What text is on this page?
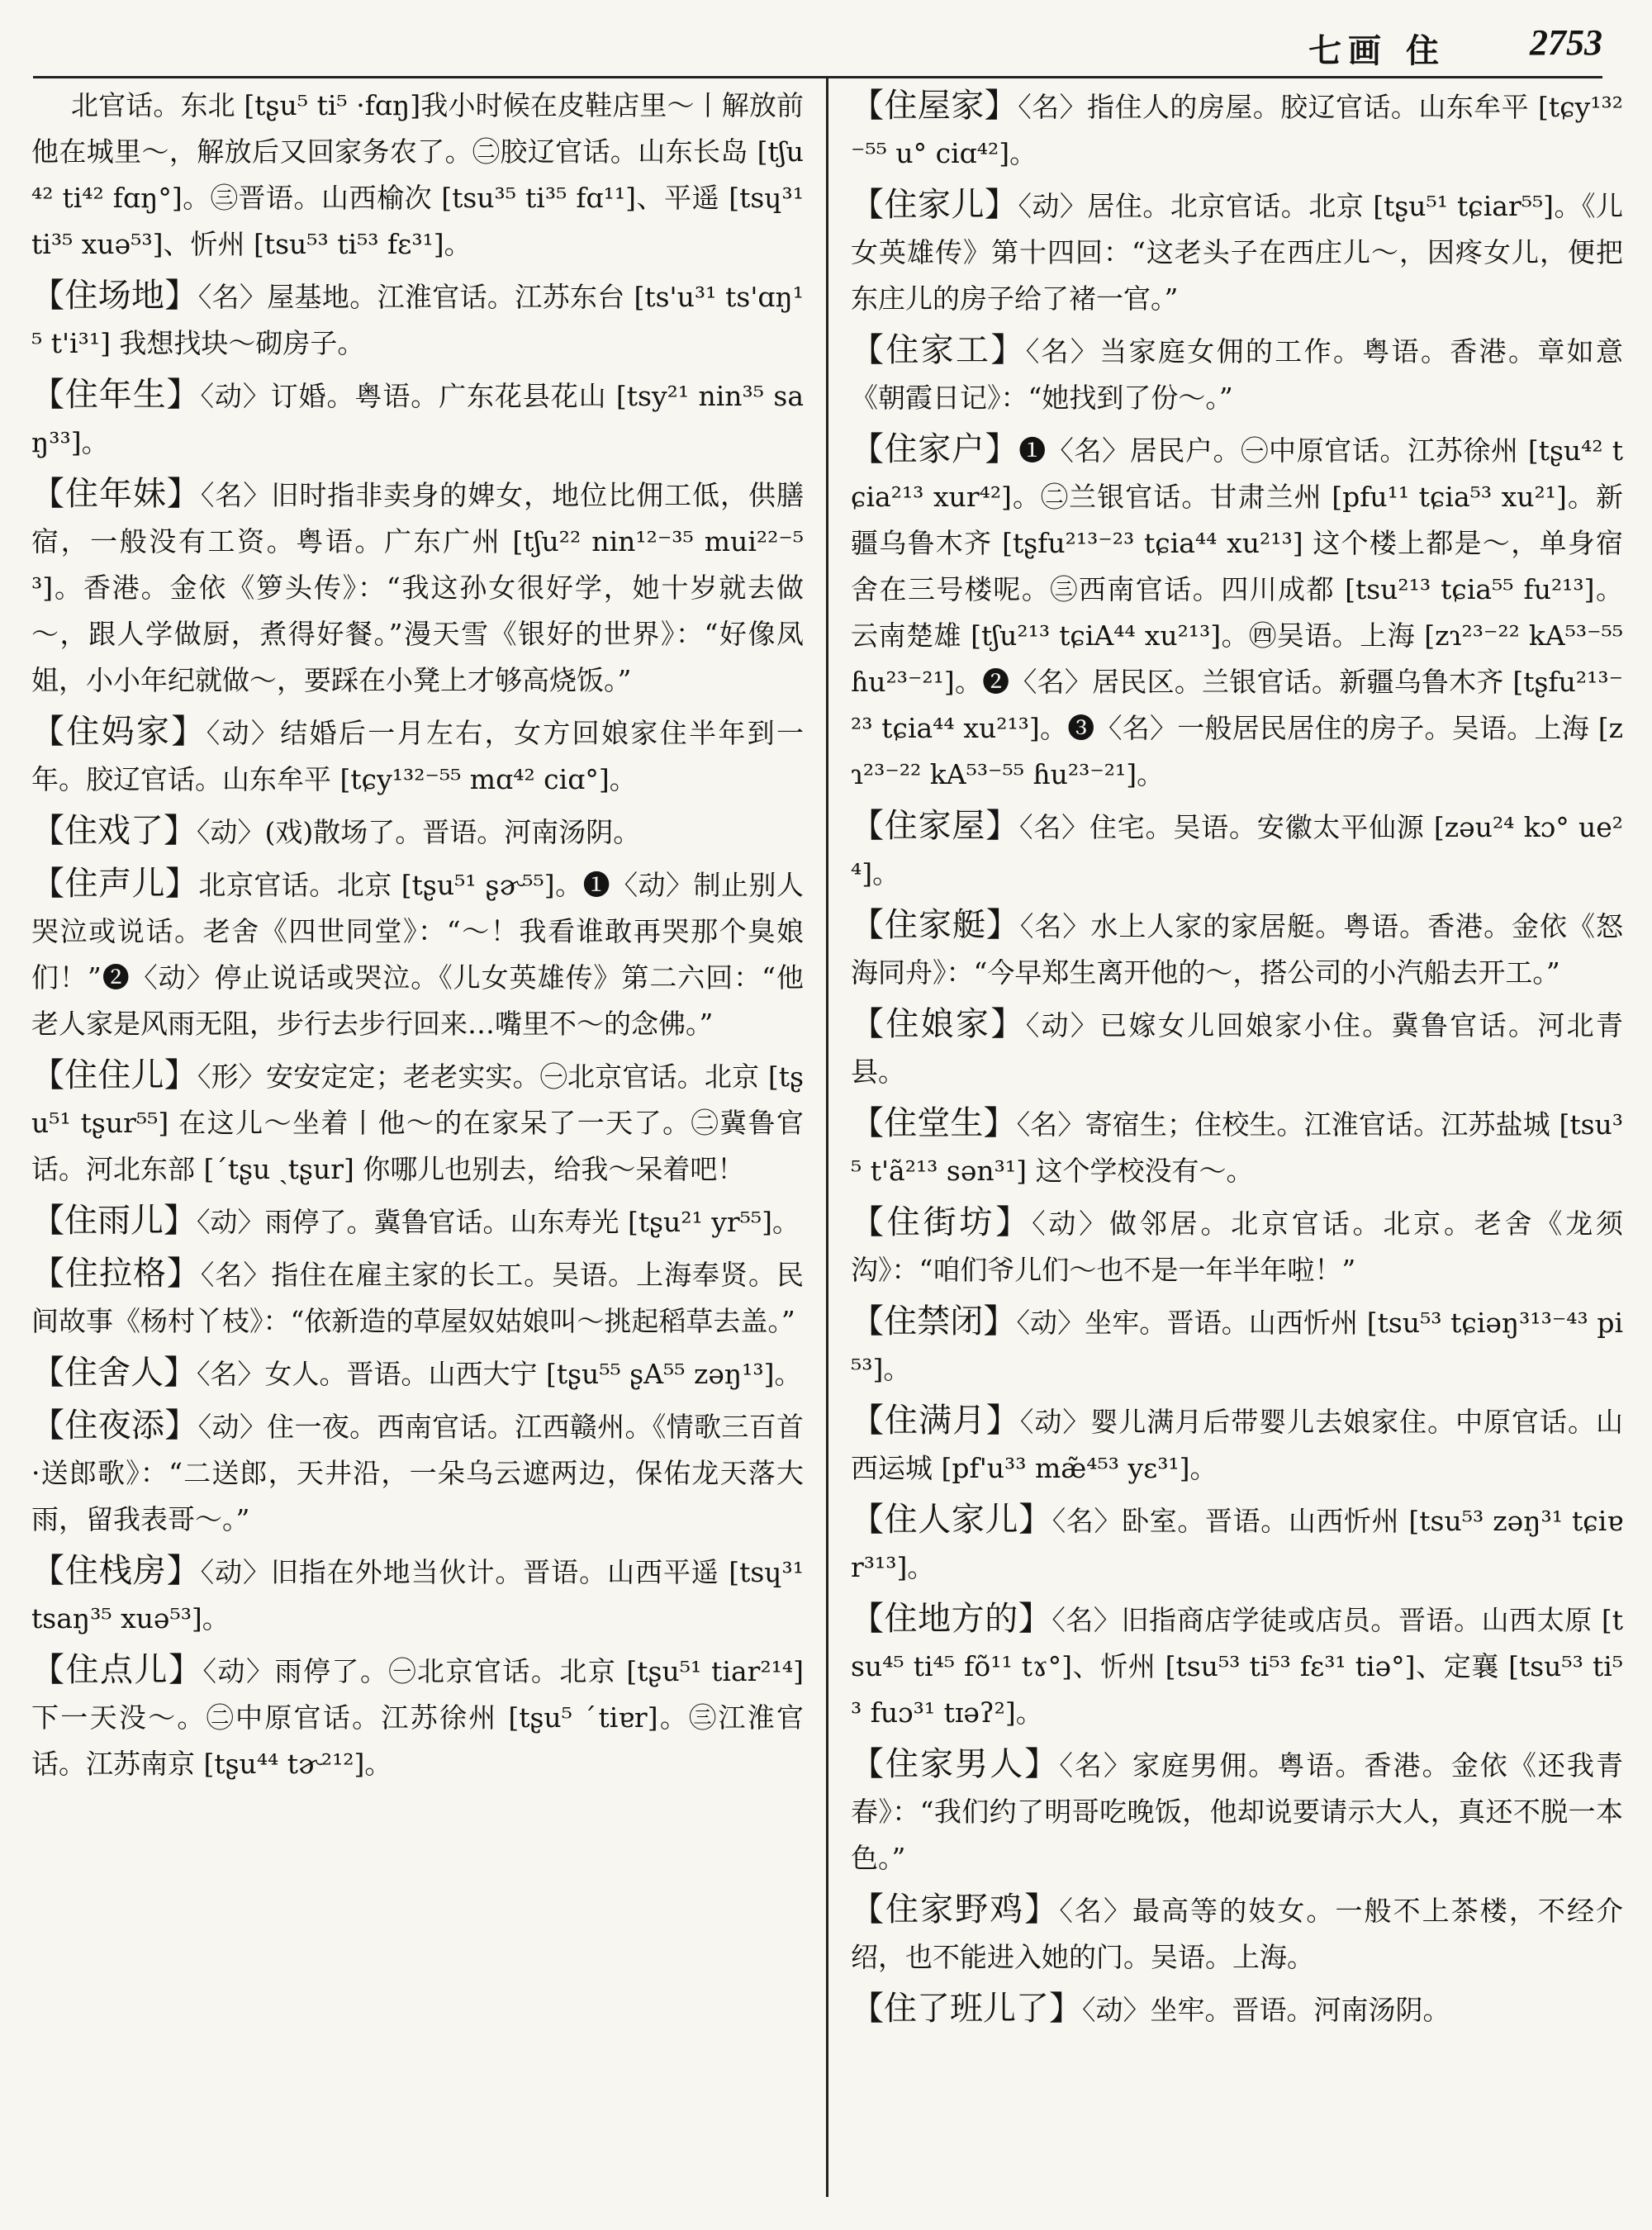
七画 住 2753

北官话。东北 [tʂu⁵ ti⁵ ·fɑŋ]我小时候在皮鞋店里～丨解放前他在城里～，解放后又回家务农了。㊁胶辽官话。山东长岛 [tʃu⁴² ti⁴² fɑŋ°]。㊂晋语。山西榆次 [tsu³⁵ ti³⁵ fɑ¹¹]、平遥 [tsɥ³¹ ti³⁵ xuə⁵³]、忻州 [tsu⁵³ ti⁵³ fɛ³¹]。

【住场地】〈名〉屋基地。江淮官话。江苏东台 [ts'u³¹ ts'ɑŋ¹⁵ t'i³¹] 我想找块～砌房子。

【住年生】〈动〉订婚。粤语。广东花县花山 [tsy²¹ nin³⁵ saŋ³³]。

【住年妹】〈名〉旧时指非卖身的婢女，地位比佣工低，供膳宿，一般没有工资。粤语。广东广州 [tʃu²² nin¹²⁻³⁵ mui²²⁻⁵³]。香港。金依《箩头传》：“我这孙女很好学，她十岁就去做～，跟人学做厨，煮得好餐。”漫天雪《银好的世界》：“好像凤姐，小小年纪就做～，要踩在小凳上才够高烧饭。”

【住妈家】〈动〉结婚后一月左右，女方回娘家住半年到一年。胶辽官话。山东牟平 [tɕy¹³²⁻⁵⁵ mɑ⁴² ciɑ°]。

【住戏了】〈动〉(戏)散场了。晋语。河南汤阴。

【住声儿】北京官话。北京 [tʂu⁵¹ ʂɚ⁵⁵]。❶〈动〉制止别人哭泣或说话。老舍《四世同堂》：“～！我看谁敢再哭那个臭娘们！”❷〈动〉停止说话或哭泣。《儿女英雄传》第二六回：“他老人家是风雨无阻，步行去步行回来…嘴里不～的念佛。”

【住住儿】〈形〉安安定定；老老实实。㊀北京官话。北京 [tʂu⁵¹ tʂur⁵⁵] 在这儿～坐着丨他～的在家呆了一天了。㊁冀鲁官话。河北东部 [ˊtʂu ˏtʂur] 你哪儿也别去，给我～呆着吧！

【住雨儿】〈动〉雨停了。冀鲁官话。山东寿光 [tʂu²¹ yr⁵⁵]。

【住拉格】〈名〉指住在雇主家的长工。吴语。上海奉贤。民间故事《杨村丫枝》：“依新造的草屋奴姑娘叫～挑起稻草去盖。”

【住舍人】〈名〉女人。晋语。山西大宁 [tʂu⁵⁵ ʂA⁵⁵ zəŋ¹³]。

【住夜添】〈动〉住一夜。西南官话。江西赣州。《情歌三百首·送郎歌》：“二送郎，天井沿，一朵乌云遮两边，保佑龙天落大雨，留我表哥～。”

【住栈房】〈动〉旧指在外地当伙计。晋语。山西平遥 [tsɥ³¹ tsaŋ³⁵ xuə⁵³]。

【住点儿】〈动〉雨停了。㊀北京官话。北京 [tʂu⁵¹ tiar²¹⁴] 下一天没～。㊁中原官话。江苏徐州 [tʂu⁵ ˊtiɐr]。㊂江淮官话。江苏南京 [tʂu⁴⁴ tɚ²¹²]。

【住屋家】〈名〉指住人的房屋。胶辽官话。山东牟平 [tɕy¹³²⁻⁵⁵ u° ciɑ⁴²]。

【住家儿】〈动〉居住。北京官话。北京 [tʂu⁵¹ tɕiar⁵⁵]。《儿女英雄传》第十四回：“这老头子在西庄儿～，因疼女儿，便把东庄儿的房子给了褚一官。”

【住家工】〈名〉当家庭女佣的工作。粤语。香港。章如意《朝霞日记》：“她找到了份～。”

【住家户】❶〈名〉居民户。㊀中原官话。江苏徐州 [tʂu⁴² tɕia²¹³ xur⁴²]。㊁兰银官话。甘肃兰州 [pfu¹¹ tɕia⁵³ xu²¹]。新疆乌鲁木齐 [tʂfu²¹³⁻²³ tɕia⁴⁴ xu²¹³] 这个楼上都是～，单身宿舍在三号楼呢。㊂西南官话。四川成都 [tsu²¹³ tɕia⁵⁵ fu²¹³]。云南楚雄 [tʃu²¹³ tɕiA⁴⁴ xu²¹³]。㊃吴语。上海 [zɿ²³⁻²² kA⁵³⁻⁵⁵ ɦu²³⁻²¹]。❷〈名〉居民区。兰银官话。新疆乌鲁木齐 [tʂfu²¹³⁻²³ tɕia⁴⁴ xu²¹³]。❸〈名〉一般居民居住的房子。吴语。上海 [zɿ²³⁻²² kA⁵³⁻⁵⁵ ɦu²³⁻²¹]。

【住家屋】〈名〉住宅。吴语。安徽太平仙源 [zəu²⁴ kɔ° ue²⁴]。

【住家艇】〈名〉水上人家的家居艇。粤语。香港。金依《怒海同舟》：“今早郑生离开他的～，搭公司的小汽船去开工。”

【住娘家】〈动〉已嫁女儿回娘家小住。冀鲁官话。河北青县。

【住堂生】〈名〉寄宿生；住校生。江淮官话。江苏盐城 [tsu³⁵ t'ã²¹³ sən³¹] 这个学校没有～。

【住街坊】〈动〉做邻居。北京官话。北京。老舍《龙须沟》：“咱们爷儿们～也不是一年半年啦！”

【住禁闭】〈动〉坐牢。晋语。山西忻州 [tsu⁵³ tɕiəŋ³¹³⁻⁴³ pi⁵³]。

【住满月】〈动〉婴儿满月后带婴儿去娘家住。中原官话。山西运城 [pf'u³³ mæ̃⁴⁵³ yɛ³¹]。

【住人家儿】〈名〉卧室。晋语。山西忻州 [tsu⁵³ zəŋ³¹ tɕiɐr³¹³]。

【住地方的】〈名〉旧指商店学徒或店员。晋语。山西太原 [tsu⁴⁵ ti⁴⁵ fõ¹¹ tɤ°]、忻州 [tsu⁵³ ti⁵³ fɛ³¹ tiə°]、定襄 [tsu⁵³ ti⁵³ fuɔ³¹ tɪəʔ²]。

【住家男人】〈名〉家庭男佣。粤语。香港。金依《还我青春》：“我们约了明哥吃晚饭，他却说要请示大人，真还不脱一本色。”

【住家野鸡】〈名〉最高等的妓女。一般不上茶楼，不经介绍，也不能进入她的门。吴语。上海。

【住了班儿了】〈动〉坐牢。晋语。河南汤阴。
